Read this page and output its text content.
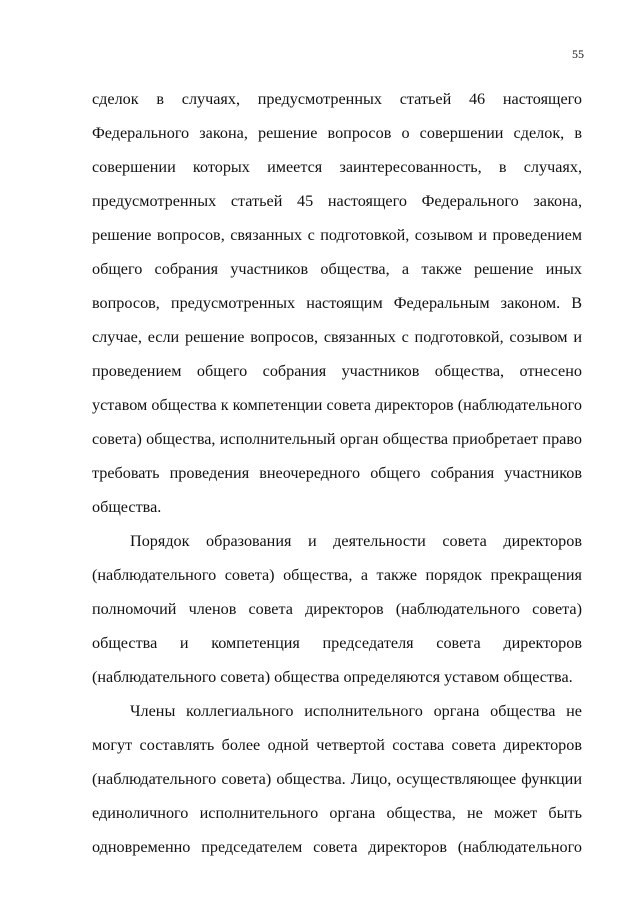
55

сделок в случаях, предусмотренных статьей 46 настоящего Федерального закона, решение вопросов о совершении сделок, в совершении которых имеется заинтересованность, в случаях, предусмотренных статьей 45 настоящего Федерального закона, решение вопросов, связанных с подготовкой, созывом и проведением общего собрания участников общества, а также решение иных вопросов, предусмотренных настоящим Федеральным законом. В случае, если решение вопросов, связанных с подготовкой, созывом и проведением общего собрания участников общества, отнесено уставом общества к компетенции совета директоров (наблюдательного совета) общества, исполнительный орган общества приобретает право требовать проведения внеочередного общего собрания участников общества.

Порядок образования и деятельности совета директоров (наблюдательного совета) общества, а также порядок прекращения полномочий членов совета директоров (наблюдательного совета) общества и компетенция председателя совета директоров (наблюдательного совета) общества определяются уставом общества.

Члены коллегиального исполнительного органа общества не могут составлять более одной четвертой состава совета директоров (наблюдательного совета) общества. Лицо, осуществляющее функции единоличного исполнительного органа общества, не может быть одновременно председателем совета директоров (наблюдательного
